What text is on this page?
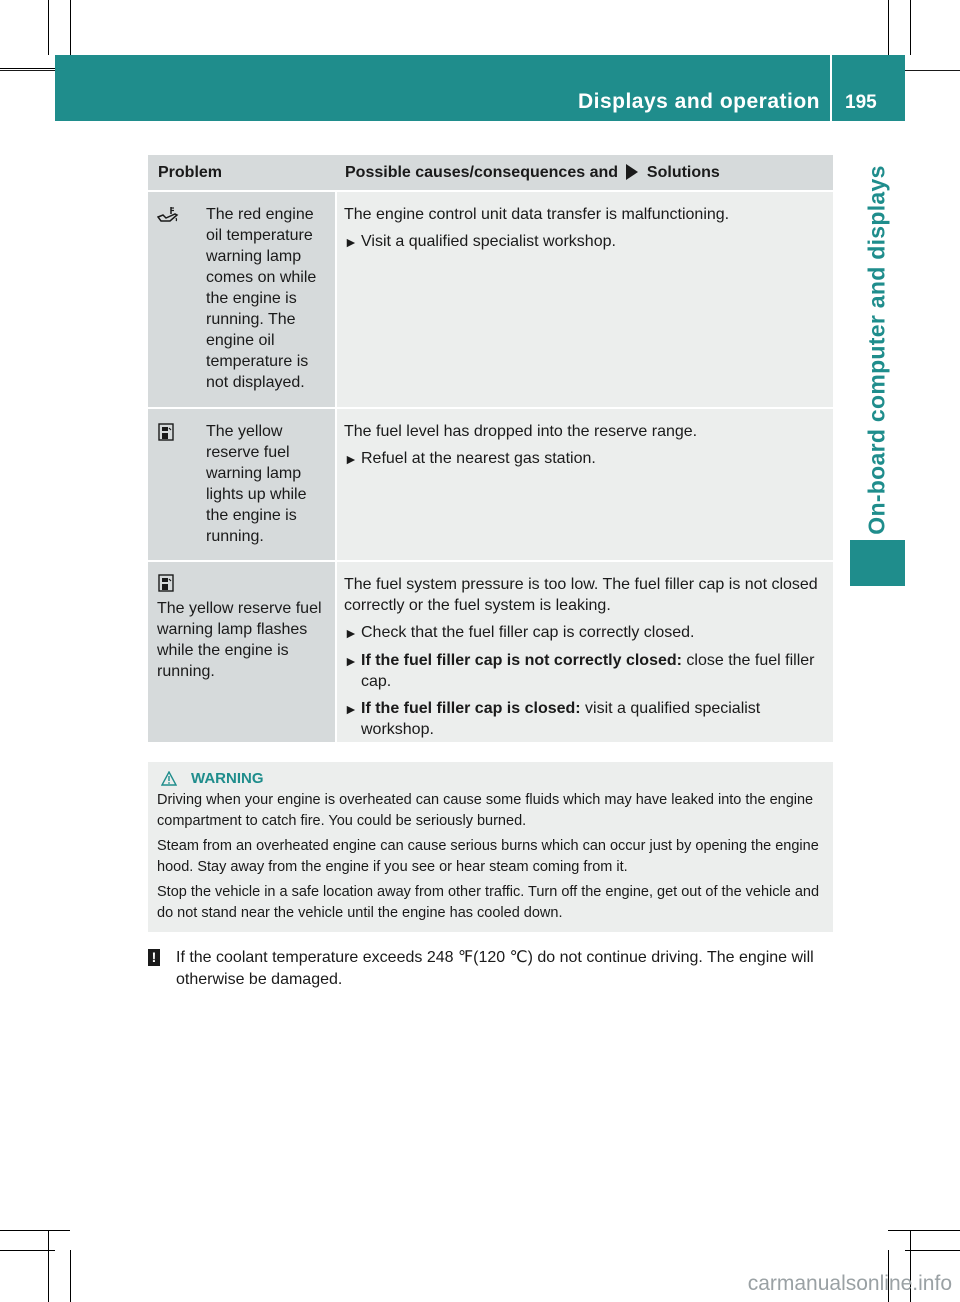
Displays and operation 195
On-board computer and displays
Problem	Possible causes/consequences and Solutions
The red engine oil temperature warning lamp comes on while the engine is running. The engine oil temperature is not displayed.
The engine control unit data transfer is malfunctioning.
► Visit a qualified specialist workshop.
The yellow reserve fuel warning lamp lights up while the engine is running.
The fuel level has dropped into the reserve range.
► Refuel at the nearest gas station.
The yellow reserve fuel warning lamp flashes while the engine is running.
The fuel system pressure is too low. The fuel filler cap is not closed correctly or the fuel system is leaking.
► Check that the fuel filler cap is correctly closed.
► If the fuel filler cap is not correctly closed: close the fuel filler cap.
► If the fuel filler cap is closed: visit a qualified specialist workshop.
WARNING

Driving when your engine is overheated can cause some fluids which may have leaked into the engine compartment to catch fire. You could be seriously burned.

Steam from an overheated engine can cause serious burns which can occur just by opening the engine hood. Stay away from the engine if you see or hear steam coming from it.

Stop the vehicle in a safe location away from other traffic. Turn off the engine, get out of the vehicle and do not stand near the vehicle until the engine has cooled down.

!	If the coolant temperature exceeds 248 ℉(120 ℃) do not continue driving. The engine will otherwise be damaged.
carmanualsonline.info
